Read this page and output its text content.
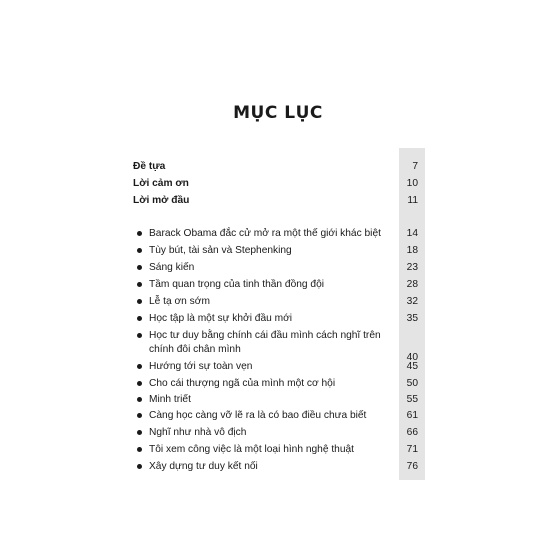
MỤC LỤC
Đề tựa	7
Lời cảm ơn	10
Lời mở đầu	11
Barack Obama đắc cử mở ra một thế giới khác biệt	14
Tùy bút, tài sản và Stephenking	18
Sáng kiến	23
Tầm quan trọng của tinh thần đồng đội	28
Lễ tạ ơn sớm	32
Học tập là một sự khởi đầu mới	35
Học tư duy bằng chính cái đầu mình cách nghĩ trên
chính đôi chân mình
40
Hướng tới sự toàn vẹn	45
Cho cái thượng ngã của mình một cơ hội	50
Minh triết	55
Càng học càng vỡ lẽ ra là có bao điều chưa biết	61
Nghĩ như nhà vô địch	66
Tôi xem công việc là một loại hình nghệ thuật	71
Xây dựng tư duy kết nối	76
